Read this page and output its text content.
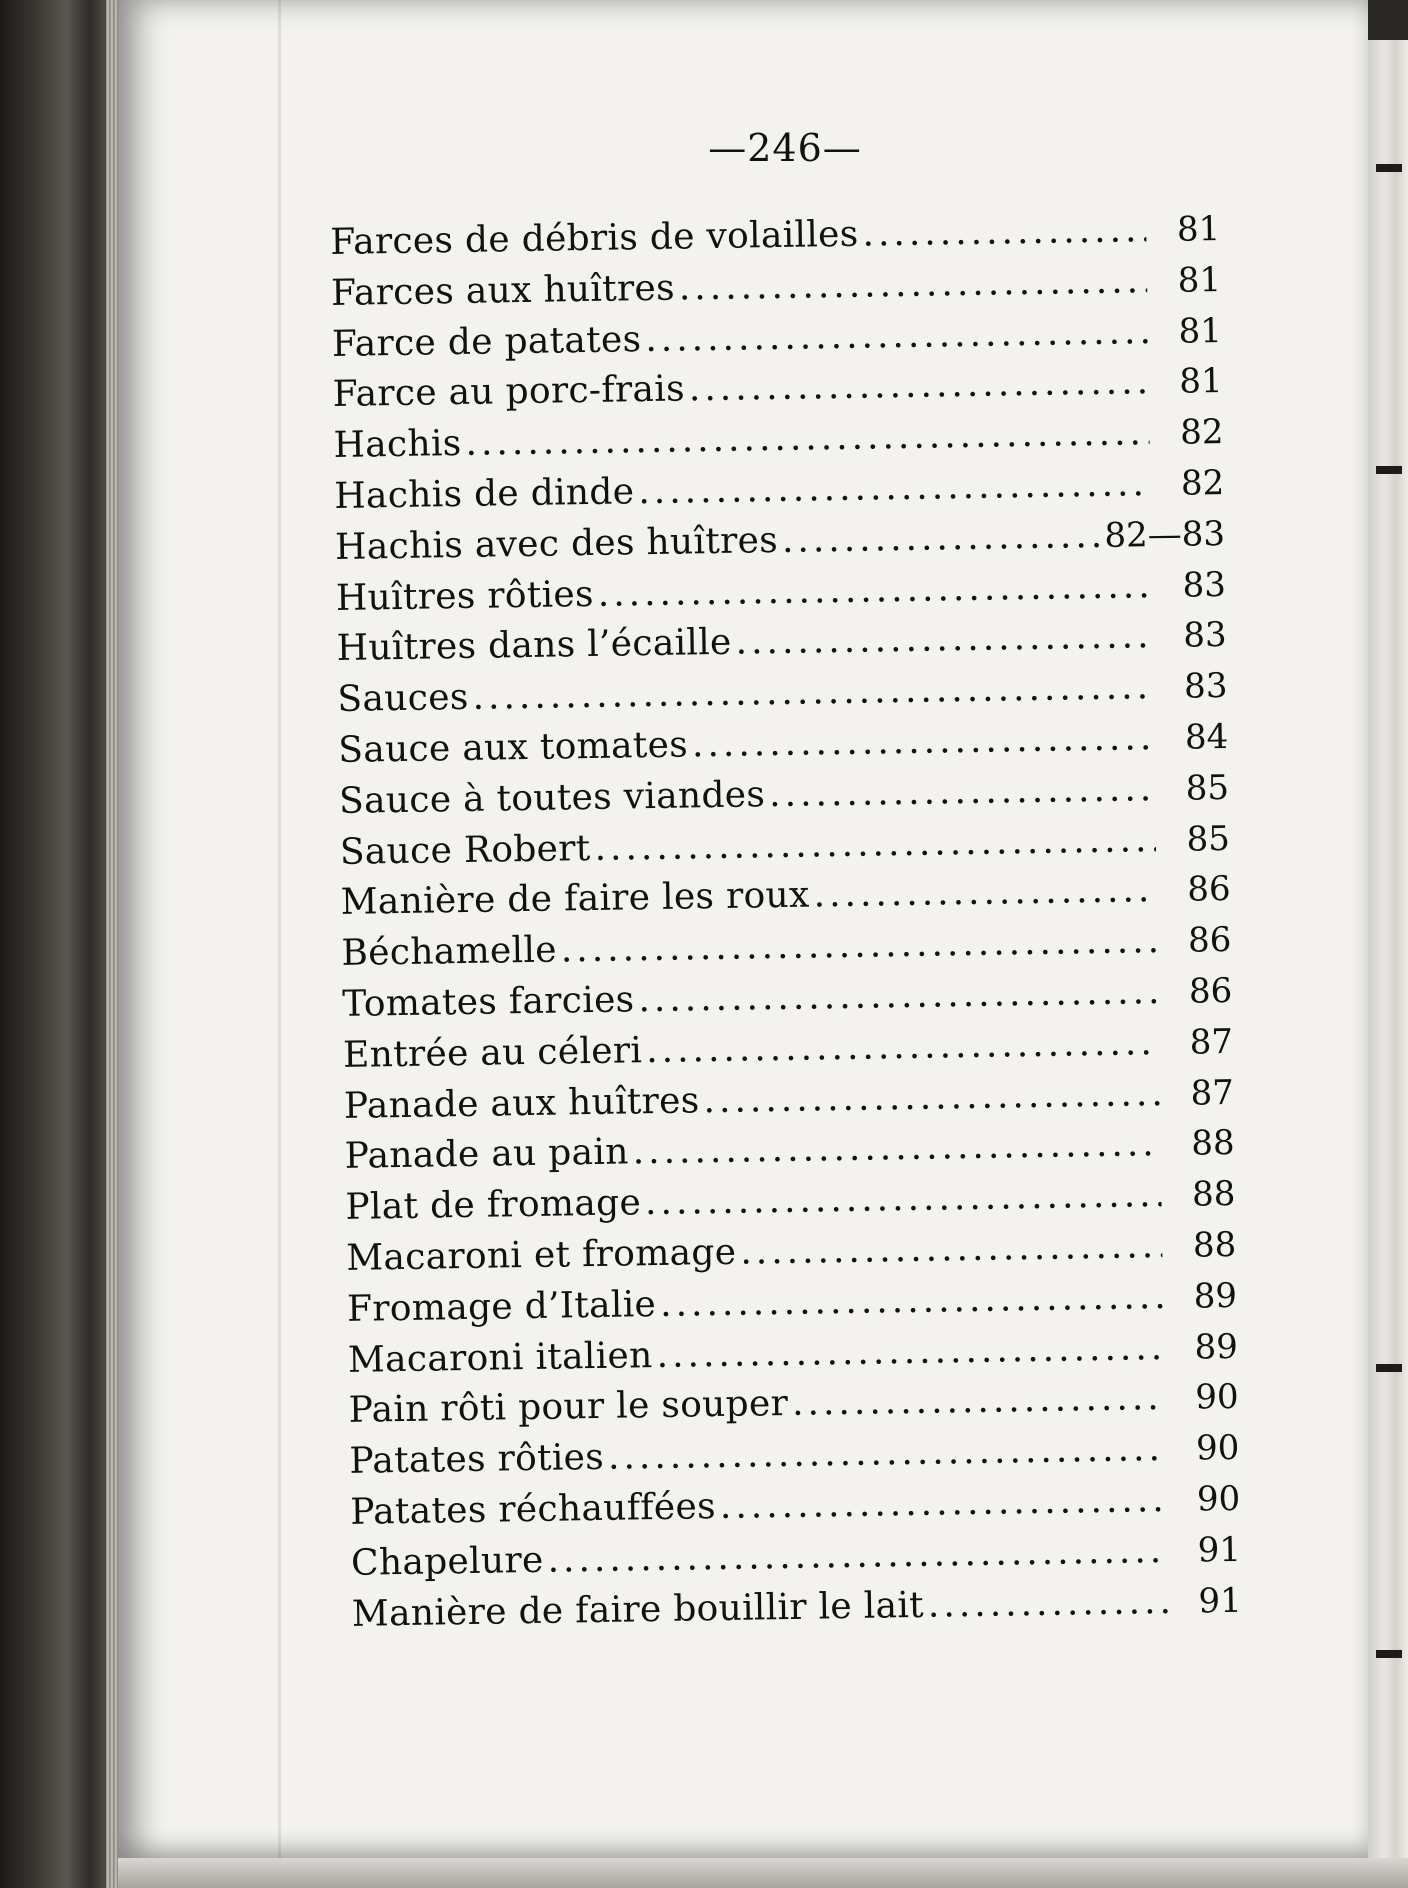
—246—
Farces de débris de volailles .....	81
Farces aux huîtres .....	81
Farce de patates .....	81
Farce au porc-frais .....	81
Hachis .....	82
Hachis de dinde .....	82
Hachis avec des huîtres .....	82—83
Huîtres rôties .....	83
Huîtres dans l’écaille .....	83
Sauces .....	83
Sauce aux tomates .....	84
Sauce à toutes viandes .....	85
Sauce Robert .....	85
Manière de faire les roux .....	86
Béchamelle .....	86
Tomates farcies .....	86
Entrée au céleri .....	87
Panade aux huîtres .....	87
Panade au pain .....	88
Plat de fromage .....	88
Macaroni et fromage .....	88
Fromage d’Italie .....	89
Macaroni italien .....	89
Pain rôti pour le souper .....	90
Patates rôties .....	90
Patates réchauffées .....	90
Chapelure .....	91
Manière de faire bouillir le lait .....	91
